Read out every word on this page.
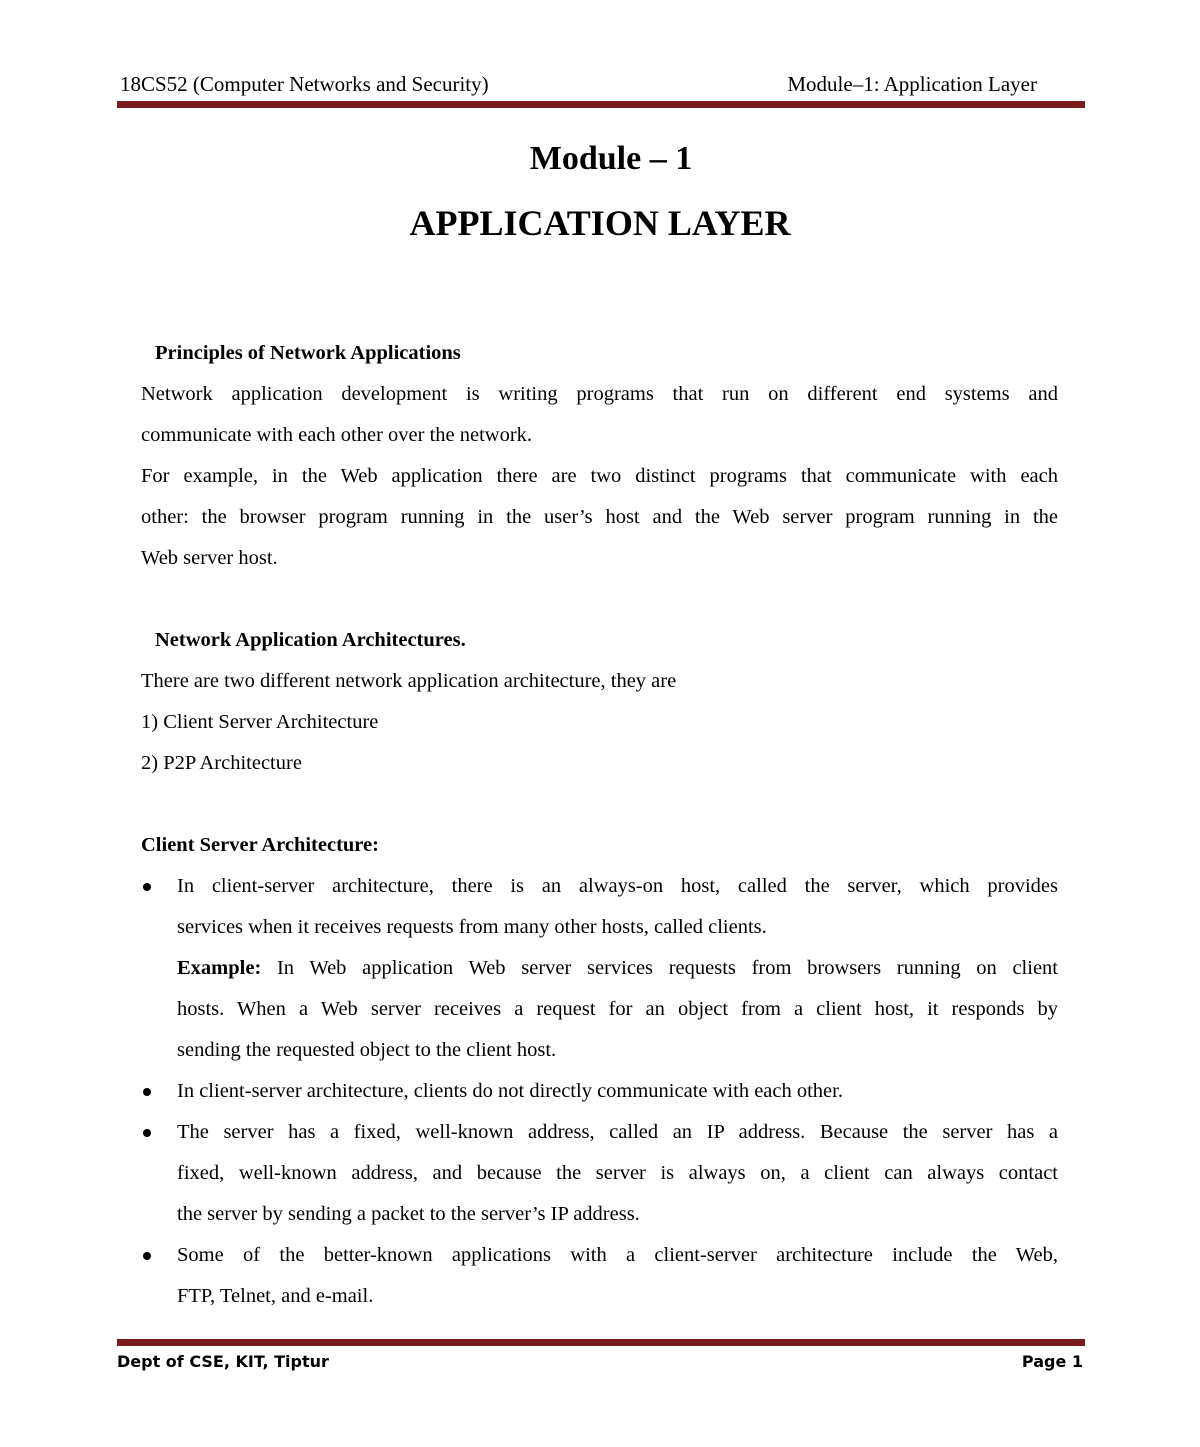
18CS52 (Computer Networks and Security)	Module–1: Application Layer
Module – 1
APPLICATION LAYER

Principles of Network Applications

Network application development is writing programs that run on different end systems and

communicate with each other over the network.

For example, in the Web application there are two distinct programs that communicate with each

other: the browser program running in the user’s host and the Web server program running in the

Web server host.

Network Application Architectures.

There are two different network application architecture, they are

1) Client Server Architecture

2) P2P Architecture

Client Server Architecture:

In client-server architecture, there is an always-on host, called the server, which provides

services when it receives requests from many other hosts, called clients.

Example: In Web application Web server services requests from browsers running on client

hosts. When a Web server receives a request for an object from a client host, it responds by

sending the requested object to the client host.

In client-server architecture, clients do not directly communicate with each other.

The server has a fixed, well-known address, called an IP address. Because the server has a

fixed, well-known address, and because the server is always on, a client can always contact

the server by sending a packet to the server’s IP address.

Some of the better-known applications with a client-server architecture include the Web,

FTP, Telnet, and e-mail.

Dept of CSE, KIT, Tiptur	Page 1
